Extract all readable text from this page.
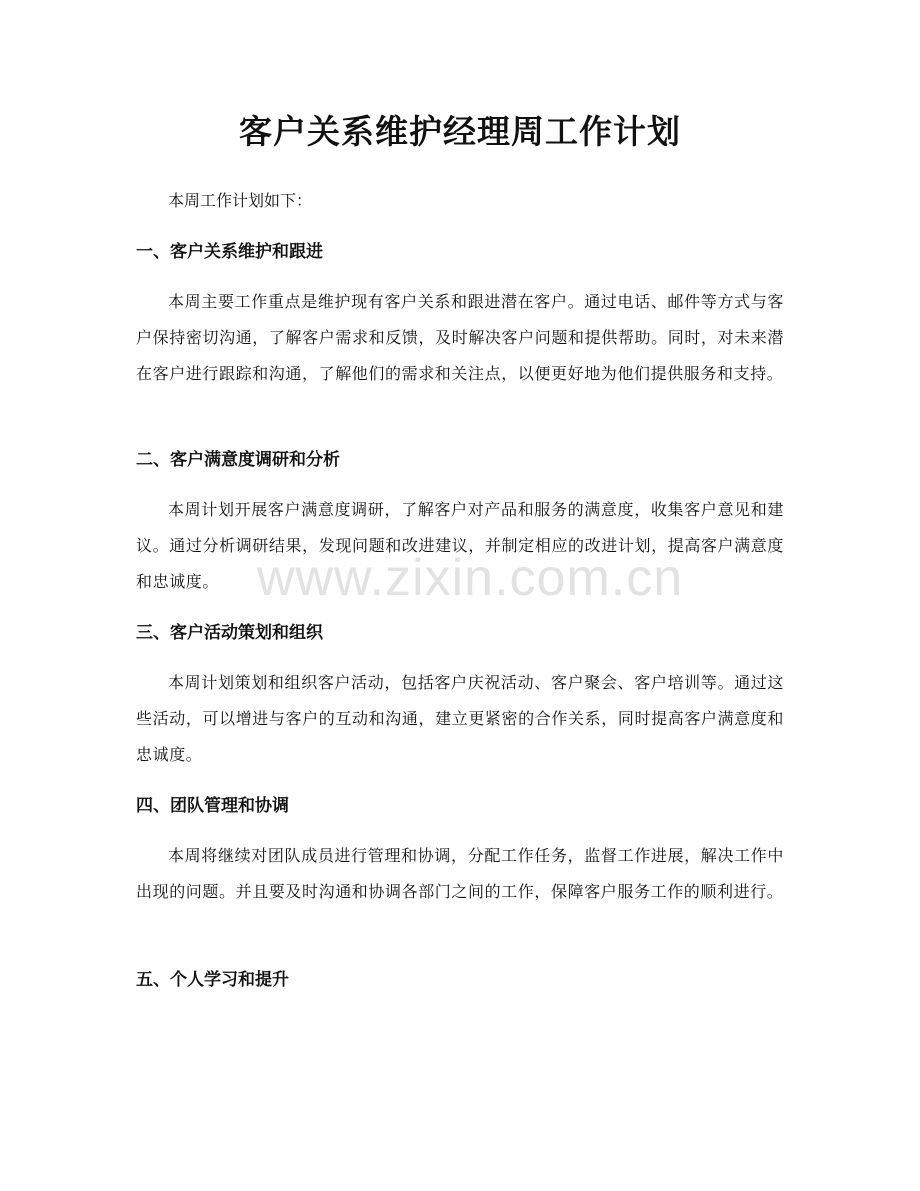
客户关系维护经理周工作计划

本周工作计划如下：

一、客户关系维护和跟进

本周主要工作重点是维护现有客户关系和跟进潜在客户。通过电话、邮件等方式与客户保持密切沟通，了解客户需求和反馈，及时解决客户问题和提供帮助。同时，对未来潜在客户进行跟踪和沟通，了解他们的需求和关注点，以便更好地为他们提供服务和支持。

二、客户满意度调研和分析

本周计划开展客户满意度调研，了解客户对产品和服务的满意度，收集客户意见和建议。通过分析调研结果，发现问题和改进建议，并制定相应的改进计划，提高客户满意度和忠诚度。

三、客户活动策划和组织

本周计划策划和组织客户活动，包括客户庆祝活动、客户聚会、客户培训等。通过这些活动，可以增进与客户的互动和沟通，建立更紧密的合作关系，同时提高客户满意度和忠诚度。

四、团队管理和协调

本周将继续对团队成员进行管理和协调，分配工作任务，监督工作进展，解决工作中出现的问题。并且要及时沟通和协调各部门之间的工作，保障客户服务工作的顺利进行。

五、个人学习和提升
www.zixin.com.cn
